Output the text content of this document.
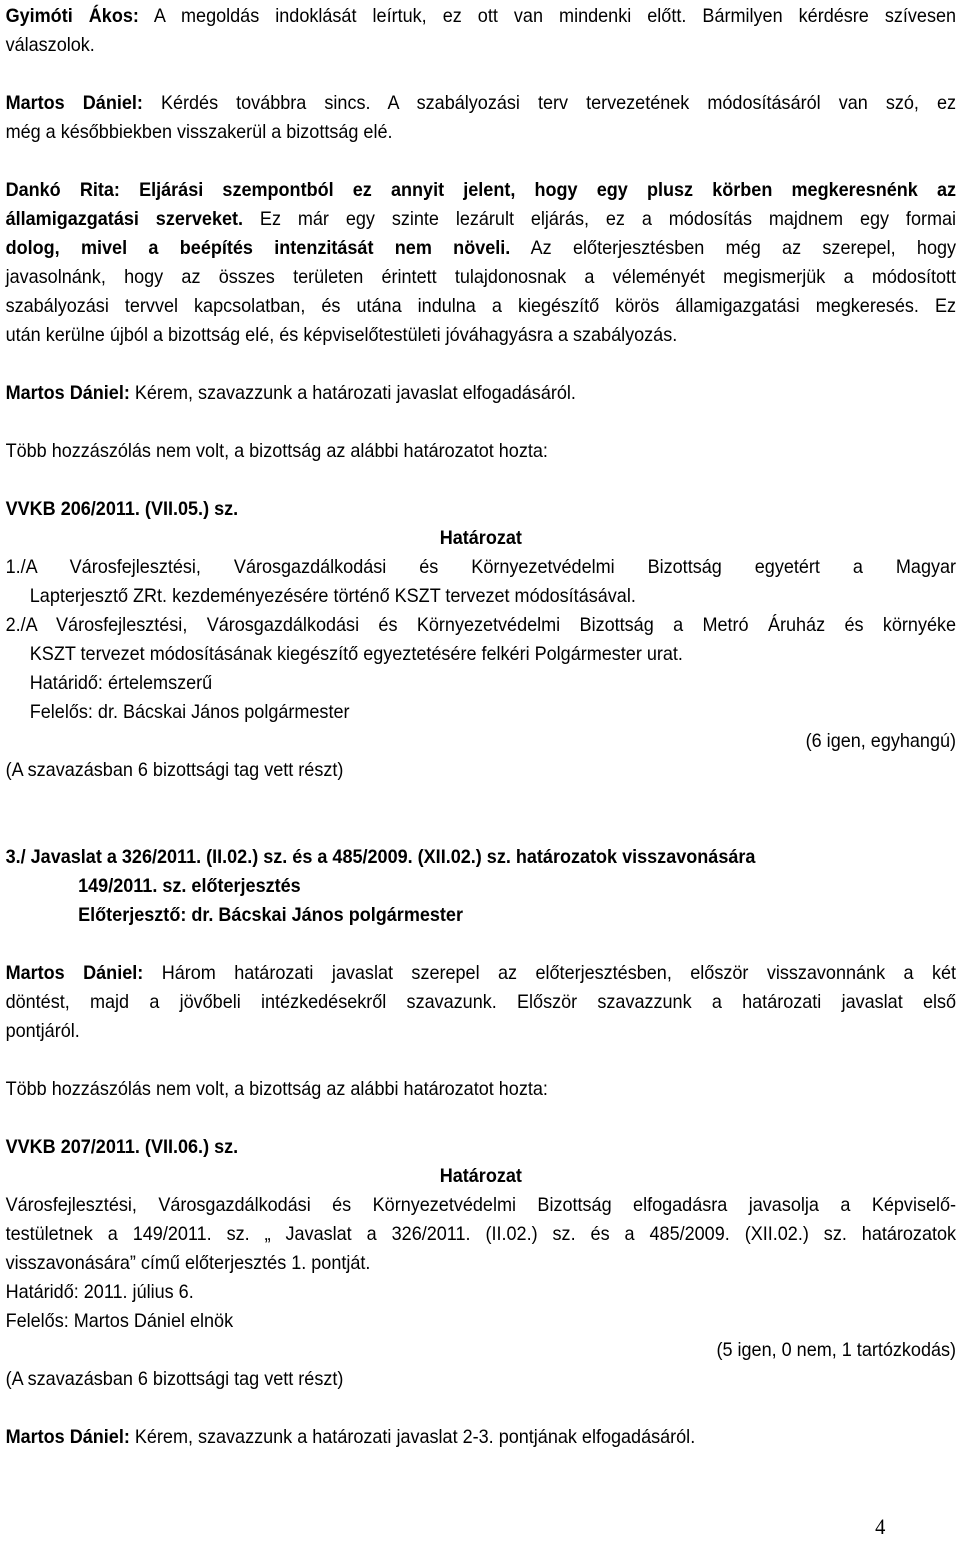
Gyimóti Ákos: A megoldás indoklását leírtuk, ez ott van mindenki előtt. Bármilyen kérdésre szívesen

válaszolok.

Martos Dániel: Kérdés továbbra sincs. A szabályozási terv tervezetének módosításáról van szó, ez

még a későbbiekben visszakerül a bizottság elé.

Dankó Rita: Eljárási szempontból ez annyit jelent, hogy egy plusz körben megkeresnénk az

államigazgatási szerveket. Ez már egy szinte lezárult eljárás, ez a módosítás majdnem egy formai

dolog, mivel a beépítés intenzitását nem növeli. Az előterjesztésben még az szerepel, hogy

javasolnánk, hogy az összes területen érintett tulajdonosnak a véleményét megismerjük a módosított

szabályozási tervvel kapcsolatban, és utána indulna a kiegészítő körös államigazgatási megkeresés. Ez

után kerülne újból a bizottság elé, és képviselőtestületi jóváhagyásra a szabályozás.

Martos Dániel: Kérem, szavazzunk a határozati javaslat elfogadásáról.

Több hozzászólás nem volt, a bizottság az alábbi határozatot hozta:

VVKB 206/2011. (VII.05.) sz.

Határozat

1./ A Városfejlesztési, Városgazdálkodási és Környezetvédelmi Bizottság egyetért a Magyar

Lapterjesztő ZRt. kezdeményezésére történő KSZT tervezet módosításával.

2./ A Városfejlesztési, Városgazdálkodási és Környezetvédelmi Bizottság a Metró Áruház és környéke

KSZT tervezet módosításának kiegészítő egyeztetésére felkéri Polgármester urat.

Határidő: értelemszerű

Felelős: dr. Bácskai János polgármester

(6 igen, egyhangú)

(A szavazásban 6 bizottsági tag vett részt)

3./ Javaslat a 326/2011. (II.02.) sz. és a 485/2009. (XII.02.) sz. határozatok visszavonására

149/2011. sz. előterjesztés

Előterjesztő: dr. Bácskai János polgármester

Martos Dániel: Három határozati javaslat szerepel az előterjesztésben, először visszavonnánk a két

döntést, majd a jövőbeli intézkedésekről szavazunk. Először szavazzunk a határozati javaslat első

pontjáról.

Több hozzászólás nem volt, a bizottság az alábbi határozatot hozta:

VVKB 207/2011. (VII.06.) sz.

Határozat

Városfejlesztési, Városgazdálkodási és Környezetvédelmi Bizottság elfogadásra javasolja a Képviselő-

testületnek a 149/2011. sz. „ Javaslat a 326/2011. (II.02.) sz. és a 485/2009. (XII.02.) sz. határozatok

visszavonására” című előterjesztés 1. pontját.

Határidő: 2011. július 6.

Felelős: Martos Dániel elnök

(5 igen, 0 nem, 1 tartózkodás)

(A szavazásban 6 bizottsági tag vett részt)

Martos Dániel: Kérem, szavazzunk a határozati javaslat 2-3. pontjának elfogadásáról.

4
